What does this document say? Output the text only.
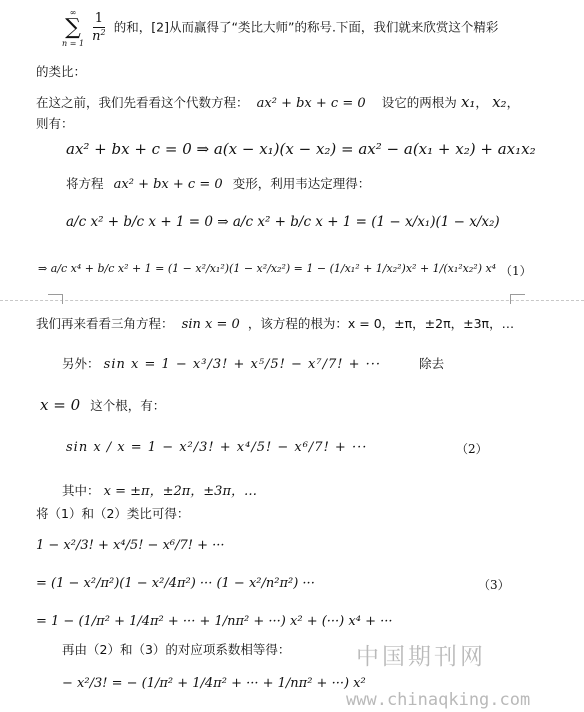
∞
∑
n = 1
$\frac{1}{n^2}$ 的和，[2]从而赢得了“类比大师”的称号.下面，我们就来欣赏这个精彩
的类比：
在这之前，我们先看看这个代数方程： ax² + bx + c = 0 设它的两根为 x₁， x₂，
则有：
ax² + bx + c = 0 ⇒ a(x − x₁)(x − x₂) = ax² − a(x₁ + x₂) + ax₁x₂
将方程 ax² + bx + c = 0 变形，利用韦达定理得：
a/c x² + b/c x + 1 = 0 ⇒ a/c x² + b/c x + 1 = (1 − x/x₁)(1 − x/x₂)
⇒ a/c x⁴ + b/c x² + 1 = (1 − x²/x₁²)(1 − x²/x₂²) = 1 − (1/x₁² + 1/x₂²)x² + 1/(x₁²x₂²) x⁴ （1）
我们再来看看三角方程： sin x = 0 ，该方程的根为：x = 0，±π，±2π，±3π，…
另外： sin x = 1 − x³/3! + x⁵/5! − x⁷/7! + ···	除去
x = 0 这个根，有：
sin x / x = 1 − x²/3! + x⁴/5! − x⁶/7! + ···	（2）
其中： x = ±π，±2π，±3π，…
将（1）和（2）类比可得：
1 − x²/3! + x⁴/5! − x⁶/7! + ···
= (1 − x²/π²)(1 − x²/4π²) ··· (1 − x²/n²π²) ···	（3）
= 1 − (1/π² + 1/4π² + ··· + 1/nπ² + ···) x² + (···) x⁴ + ···
再由（2）和（3）的对应项系数相等得：
− x²/3! = − (1/π² + 1/4π² + ··· + 1/nπ² + ···) x²
中国期刊网
www.chinaqking.com
